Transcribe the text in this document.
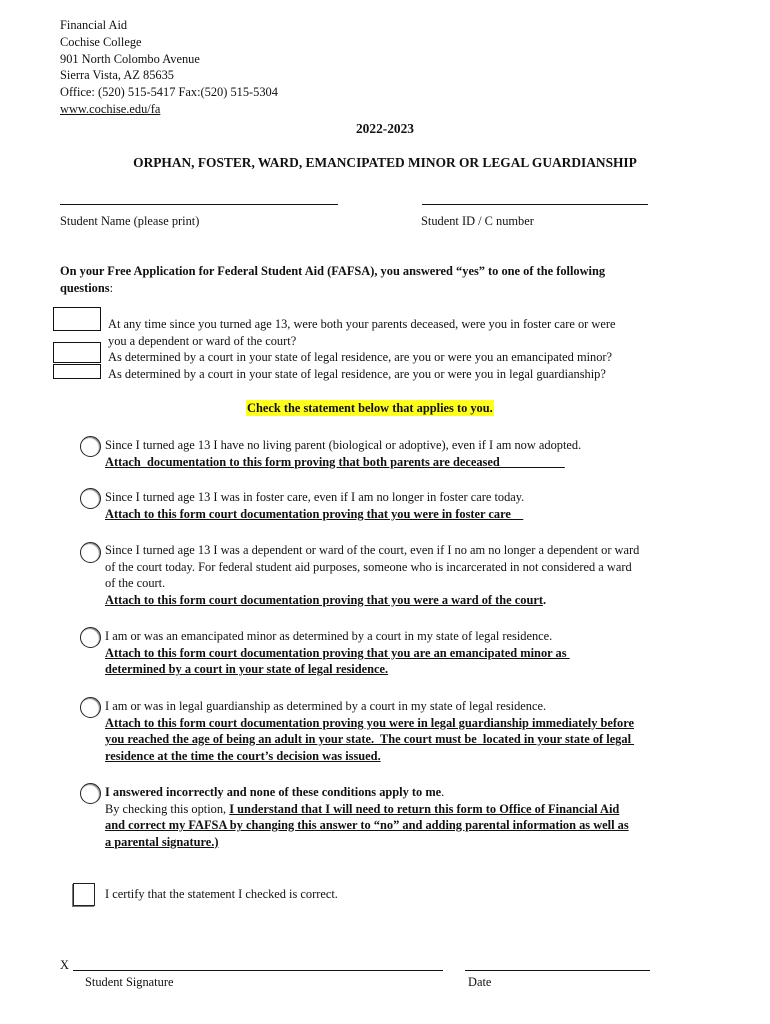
Financial Aid
Cochise College
901 North Colombo Avenue
Sierra Vista, AZ 85635
Office: (520) 515-5417 Fax:(520) 515-5304
www.cochise.edu/fa
2022-2023
ORPHAN, FOSTER, WARD, EMANCIPATED MINOR OR LEGAL GUARDIANSHIP
Student Name (please print)	Student ID / C number
On your Free Application for Federal Student Aid (FAFSA), you answered “yes” to one of the following
questions:
At any time since you turned age 13, were both your parents deceased, were you in foster care or were
you a dependent or ward of the court?
As determined by a court in your state of legal residence, are you or were you an emancipated minor?
As determined by a court in your state of legal residence, are you or were you in legal guardianship?
Check the statement below that applies to you.
Since I turned age 13 I have no living parent (biological or adoptive), even if I am now adopted.
Attach  documentation to this form proving that both parents are deceased
Since I turned age 13 I was in foster care, even if I am no longer in foster care today.
Attach to this form court documentation proving that you were in foster care
Since I turned age 13 I was a dependent or ward of the court, even if I no am no longer a dependent or ward
of the court today. For federal student aid purposes, someone who is incarcerated in not considered a ward
of the court.
Attach to this form court documentation proving that you were a ward of the court.
I am or was an emancipated minor as determined by a court in my state of legal residence.
Attach to this form court documentation proving that you are an emancipated minor as
determined by a court in your state of legal residence.
I am or was in legal guardianship as determined by a court in my state of legal residence.
Attach to this form court documentation proving you were in legal guardianship immediately before
you reached the age of being an adult in your state.  The court must be  located in your state of legal
residence at the time the court’s decision was issued.
I answered incorrectly and none of these conditions apply to me.
By checking this option, I understand that I will need to return this form to Office of Financial Aid
and correct my FAFSA by changing this answer to “no” and adding parental information as well as
a parental signature.)
I certify that the statement I checked is correct.
X
Student Signature	Date
